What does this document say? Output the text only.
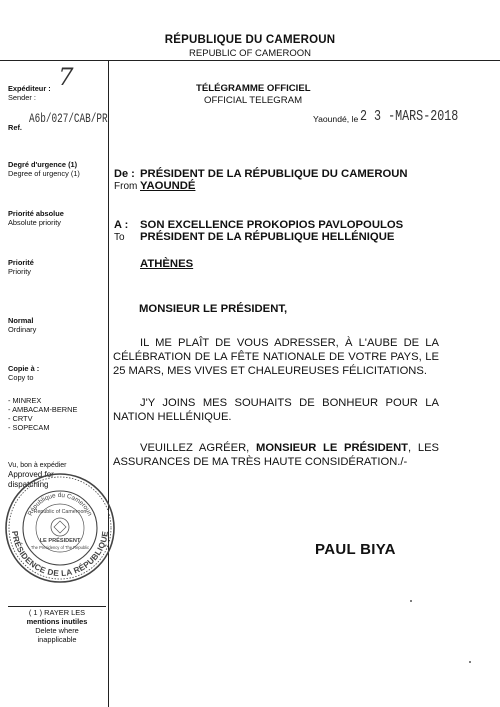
RÉPUBLIQUE DU CAMEROUN
REPUBLIC OF CAMEROON
Expéditeur :
Sender :
7
Ref.
A6b/027/CAB/PR
Degré d'urgence (1)
Degree of urgency (1)
Priorité absolue
Absolute priority
Priorité
Priority
Normal
Ordinary
Copie à :
Copy to
- MINREX
- AMBACAM-BERNE
- CRTV
- SOPECAM
Vu, bon à expédier
Approved for
dispatching
PRÉSIDENCE DE LA RÉPUBLIQUE
République du Cameroun
Republic of Cameroon
LE PRÉSIDENT
The Presidency of The Republic
( 1 ) RAYER LES
mentions inutiles
Delete where
inapplicable
TÉLÉGRAMME OFFICIEL
OFFICIAL TELEGRAM
Yaoundé, le 2 3 -MARS-2018
De :
From
PRÉSIDENT DE LA RÉPUBLIQUE DU CAMEROUN
YAOUNDÉ
A :
To
SON EXCELLENCE PROKOPIOS PAVLOPOULOS
PRÉSIDENT DE LA RÉPUBLIQUE HELLÉNIQUE
ATHÈNES
MONSIEUR LE PRÉSIDENT,
IL ME PLAÎT DE VOUS ADRESSER, À L'AUBE DE LA CÉLÉBRATION DE LA FÊTE NATIONALE DE VOTRE PAYS, LE 25 MARS, MES VIVES ET CHALEUREUSES FÉLICITATIONS.
J'Y JOINS MES SOUHAITS DE BONHEUR POUR LA NATION HELLÉNIQUE.
VEUILLEZ AGRÉER, MONSIEUR LE PRÉSIDENT, LES ASSURANCES DE MA TRÈS HAUTE CONSIDÉRATION./-
PAUL BIYA
